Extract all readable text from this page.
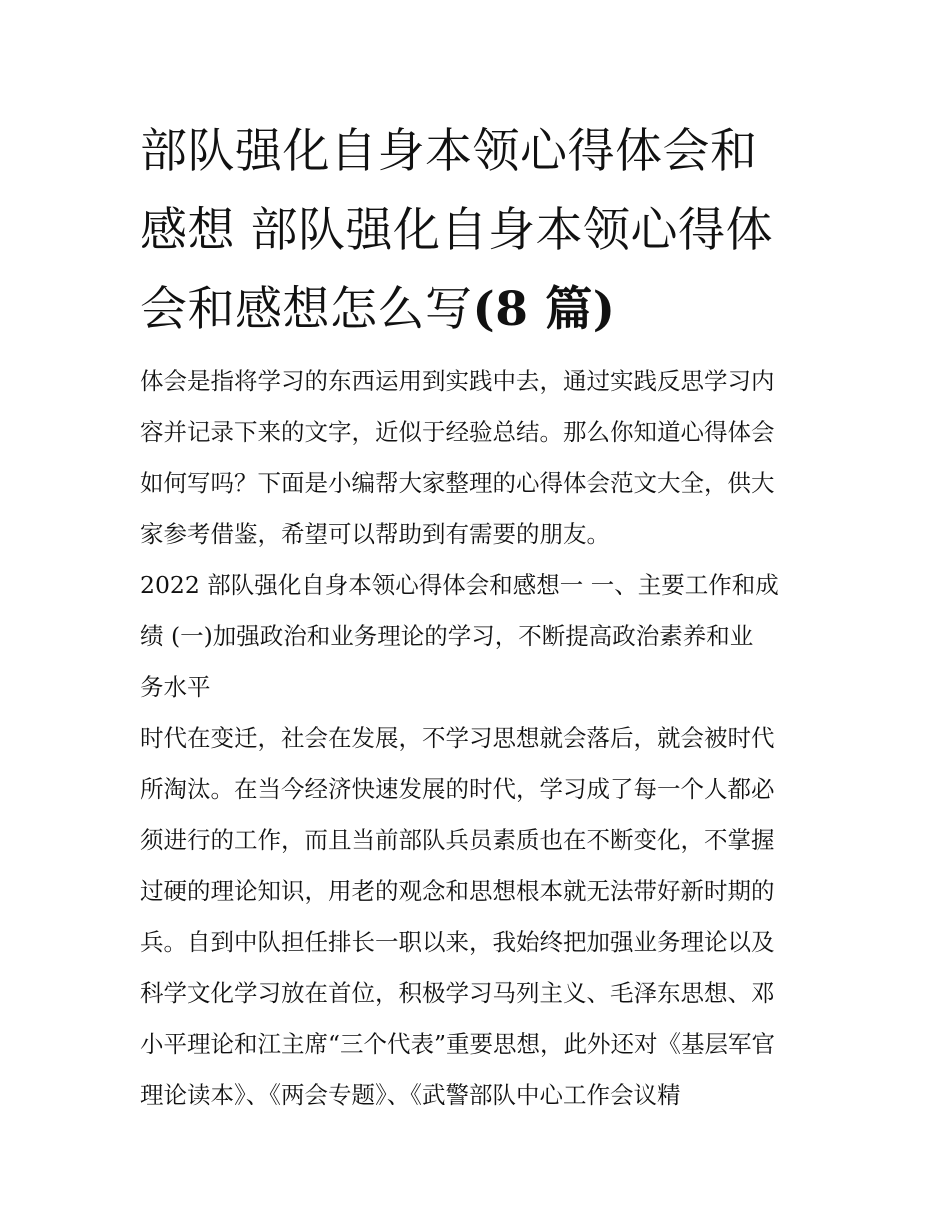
部队强化自身本领心得体会和
感想 部队强化自身本领心得体
会和感想怎么写(8 篇)

体会是指将学习的东西运用到实践中去，通过实践反思学习内
容并记录下来的文字，近似于经验总结。那么你知道心得体会
如何写吗？下面是小编帮大家整理的心得体会范文大全，供大
家参考借鉴，希望可以帮助到有需要的朋友。

2022 部队强化自身本领心得体会和感想一 一、主要工作和成
绩 (一)加强政治和业务理论的学习，不断提高政治素养和业
务水平

时代在变迁，社会在发展，不学习思想就会落后，就会被时代
所淘汰。在当今经济快速发展的时代，学习成了每一个人都必
须进行的工作，而且当前部队兵员素质也在不断变化，不掌握
过硬的理论知识，用老的观念和思想根本就无法带好新时期的
兵。自到中队担任排长一职以来，我始终把加强业务理论以及
科学文化学习放在首位，积极学习马列主义、毛泽东思想、邓
小平理论和江主席“三个代表”重要思想，此外还对《基层军官
理论读本》、《两会专题》、《武警部队中心工作会议精
